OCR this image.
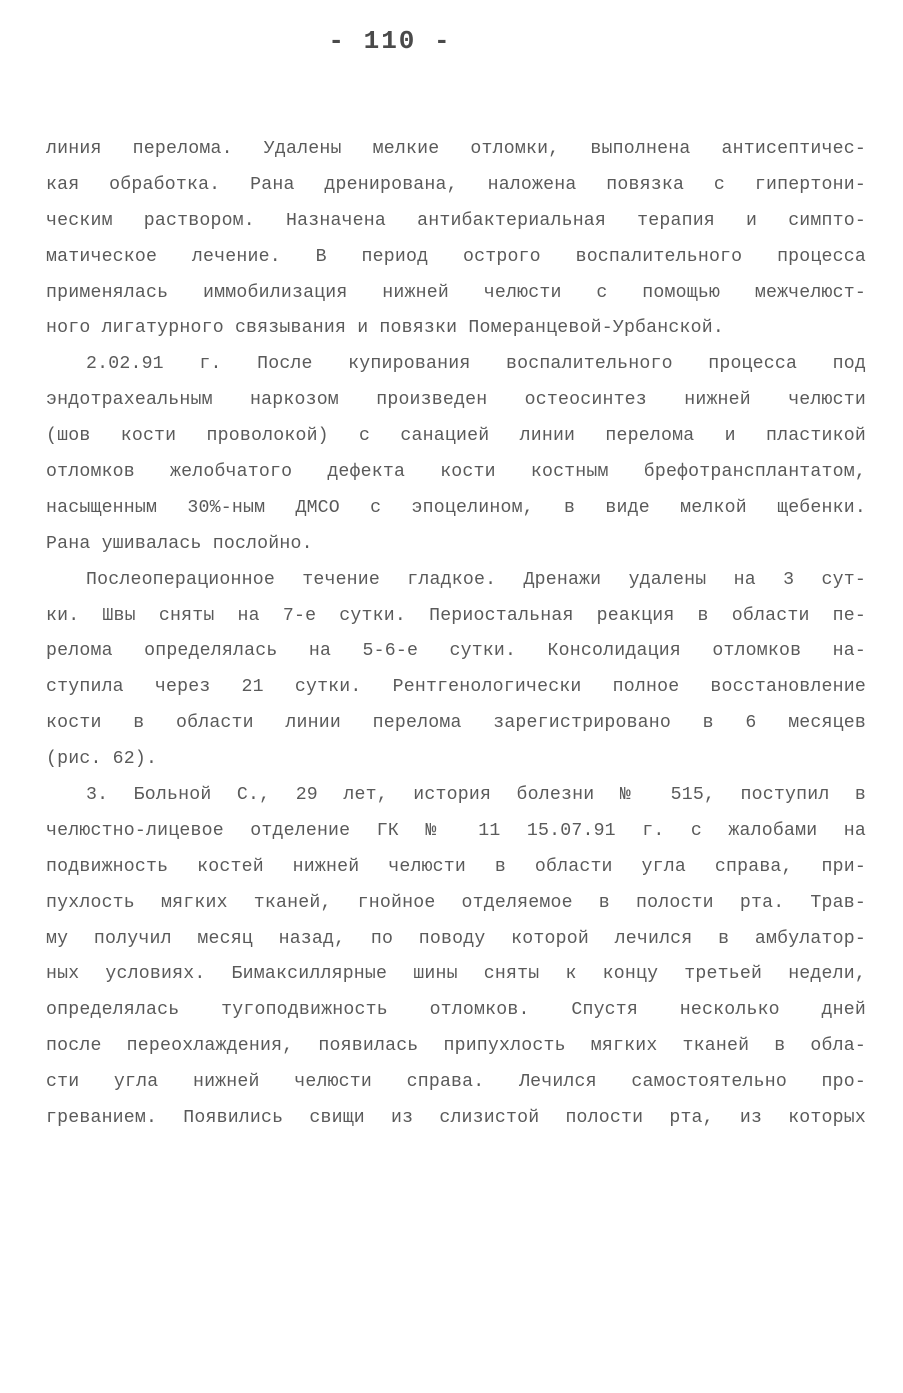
- 110 -
линия перелома. Удалены мелкие отломки, выполнена антисептичес-
кая обработка. Рана дренирована, наложена повязка с гипертони-
ческим раствором. Назначена антибактериальная терапия и симпто-
матическое лечение. В период острого воспалительного процесса
применялась иммобилизация нижней челюсти с помощью межчелюст-
ного лигатурного связывания и повязки Померанцевой-Урбанской.
2.02.91 г. После купирования воспалительного процесса под
эндотрахеальным наркозом произведен остеосинтез нижней челюсти
(шов кости проволокой) с санацией линии перелома и пластикой
отломков желобчатого дефекта кости костным брефотрансплантатом,
насыщенным 30%-ным ДМСО с эпоцелином, в виде мелкой щебенки.
Рана ушивалась послойно.
Послеоперационное течение гладкое. Дренажи удалены на 3 сут-
ки. Швы сняты на 7-е сутки. Периостальная реакция в области пе-
релома определялась на 5-6-е сутки. Консолидация отломков на-
ступила через 21 сутки. Рентгенологически полное восстановление
кости в области линии перелома зарегистрировано в 6 месяцев
(рис. 62).
3. Больной С., 29 лет, история болезни № 515, поступил в
челюстно-лицевое отделение ГК № 11 15.07.91 г. с жалобами на
подвижность костей нижней челюсти в области угла справа, при-
пухлость мягких тканей, гнойное отделяемое в полости рта. Трав-
му получил месяц назад, по поводу которой лечился в амбулатор-
ных условиях. Бимаксиллярные шины сняты к концу третьей недели,
определялась тугоподвижность отломков. Спустя несколько дней
после переохлаждения, появилась припухлость мягких тканей в обла-
сти угла нижней челюсти справа. Лечился самостоятельно про-
греванием. Появились свищи из слизистой полости рта, из которых
